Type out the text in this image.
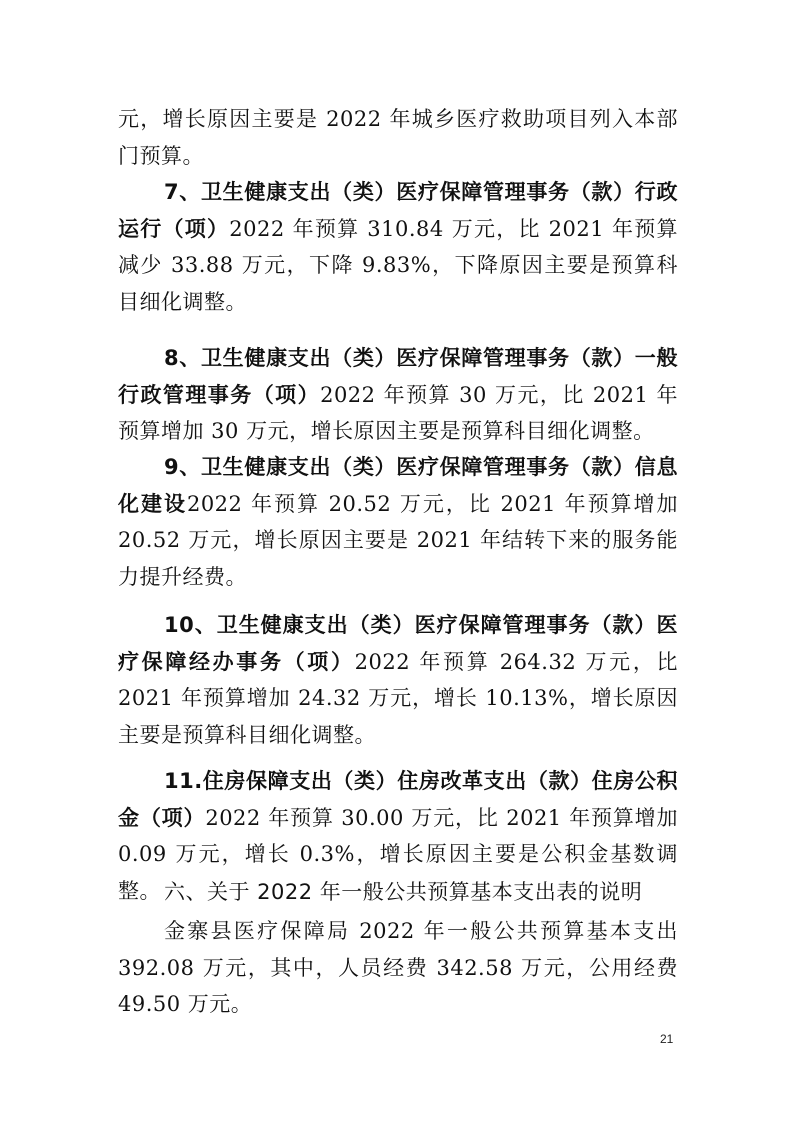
元，增长原因主要是 2022 年城乡医疗救助项目列入本部门预算。

7、卫生健康支出（类）医疗保障管理事务（款）行政运行（项）2022 年预算 310.84 万元，比 2021 年预算减少 33.88 万元，下降 9.83%，下降原因主要是预算科目细化调整。

8、卫生健康支出（类）医疗保障管理事务（款）一般行政管理事务（项）2022 年预算 30 万元，比 2021 年预算增加 30 万元，增长原因主要是预算科目细化调整。

9、卫生健康支出（类）医疗保障管理事务（款）信息化建设2022 年预算 20.52 万元，比 2021 年预算增加 20.52 万元，增长原因主要是 2021 年结转下来的服务能力提升经费。

10、卫生健康支出（类）医疗保障管理事务（款）医疗保障经办事务（项）2022 年预算 264.32 万元，比 2021 年预算增加 24.32 万元，增长 10.13%，增长原因主要是预算科目细化调整。

11.住房保障支出（类）住房改革支出（款）住房公积金（项）2022 年预算 30.00 万元，比 2021 年预算增加 0.09 万元，增长 0.3%，增长原因主要是公积金基数调整。 六、关于 2022 年一般公共预算基本支出表的说明

金寨县医疗保障局 2022 年一般公共预算基本支出 392.08 万元，其中，人员经费 342.58 万元，公用经费 49.50 万元。

21
